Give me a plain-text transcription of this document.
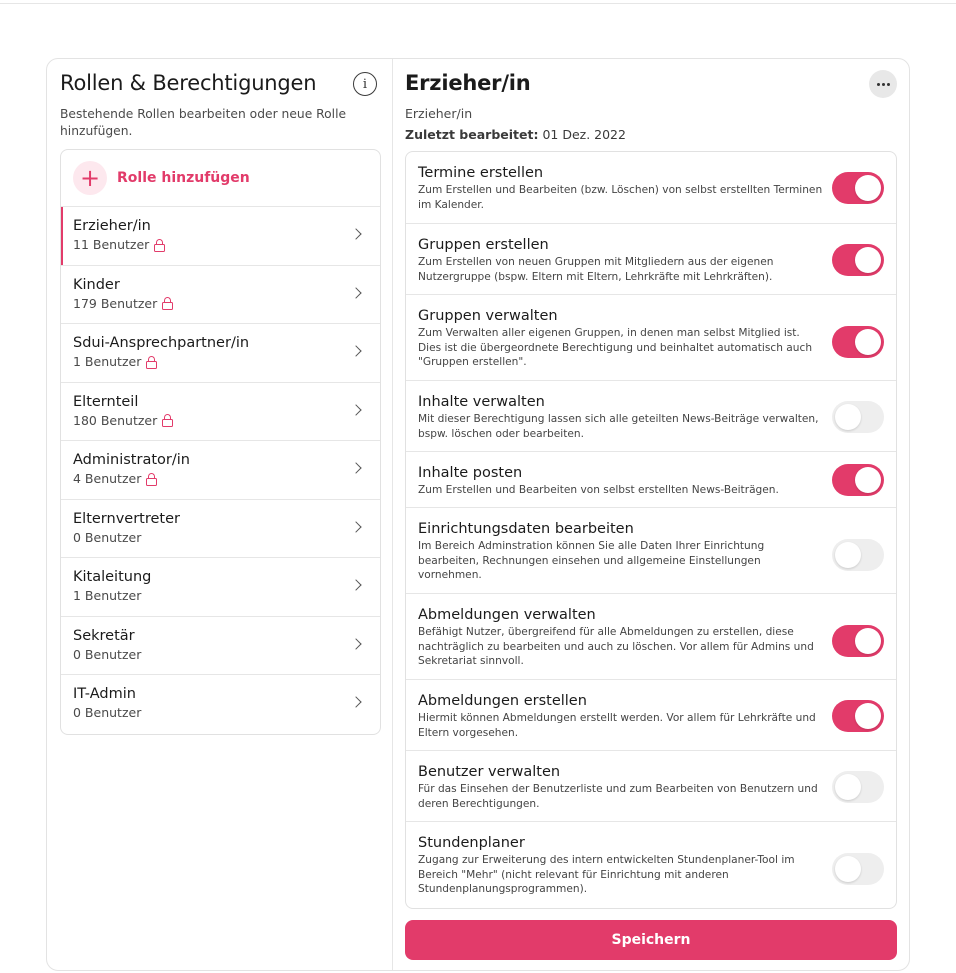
Rollen & Berechtigungen	i

Bestehende Rollen bearbeiten oder neue Rolle hinzufügen.

+	Rolle hinzufügen
Erzieher/in
11 Benutzer
Kinder
179 Benutzer
Sdui-Ansprechpartner/in
1 Benutzer
Elternteil
180 Benutzer
Administrator/in
4 Benutzer
Elternvertreter
0 Benutzer
Kitaleitung
1 Benutzer
Sekretär
0 Benutzer
IT-Admin
0 Benutzer
Erzieher/in
Erzieher/in
Zuletzt bearbeitet: 01 Dez. 2022
Termine erstellen
Zum Erstellen und Bearbeiten (bzw. Löschen) von selbst erstellten Terminen im Kalender.
Gruppen erstellen
Zum Erstellen von neuen Gruppen mit Mitgliedern aus der eigenen Nutzergruppe (bspw. Eltern mit Eltern, Lehrkräfte mit Lehrkräften).
Gruppen verwalten
Zum Verwalten aller eigenen Gruppen, in denen man selbst Mitglied ist. Dies ist die übergeordnete Berechtigung und beinhaltet automatisch auch "Gruppen erstellen".
Inhalte verwalten
Mit dieser Berechtigung lassen sich alle geteilten News-Beiträge verwalten, bspw. löschen oder bearbeiten.
Inhalte posten
Zum Erstellen und Bearbeiten von selbst erstellten News-Beiträgen.
Einrichtungsdaten bearbeiten
Im Bereich Adminstration können Sie alle Daten Ihrer Einrichtung bearbeiten, Rechnungen einsehen und allgemeine Einstellungen vornehmen.
Abmeldungen verwalten
Befähigt Nutzer, übergreifend für alle Abmeldungen zu erstellen, diese nachträglich zu bearbeiten und auch zu löschen. Vor allem für Admins und Sekretariat sinnvoll.
Abmeldungen erstellen
Hiermit können Abmeldungen erstellt werden. Vor allem für Lehrkräfte und Eltern vorgesehen.
Benutzer verwalten
Für das Einsehen der Benutzerliste und zum Bearbeiten von Benutzern und deren Berechtigungen.
Stundenplaner
Zugang zur Erweiterung des intern entwickelten Stundenplaner-Tool im Bereich "Mehr" (nicht relevant für Einrichtung mit anderen Stundenplanungsprogrammen).
Speichern
